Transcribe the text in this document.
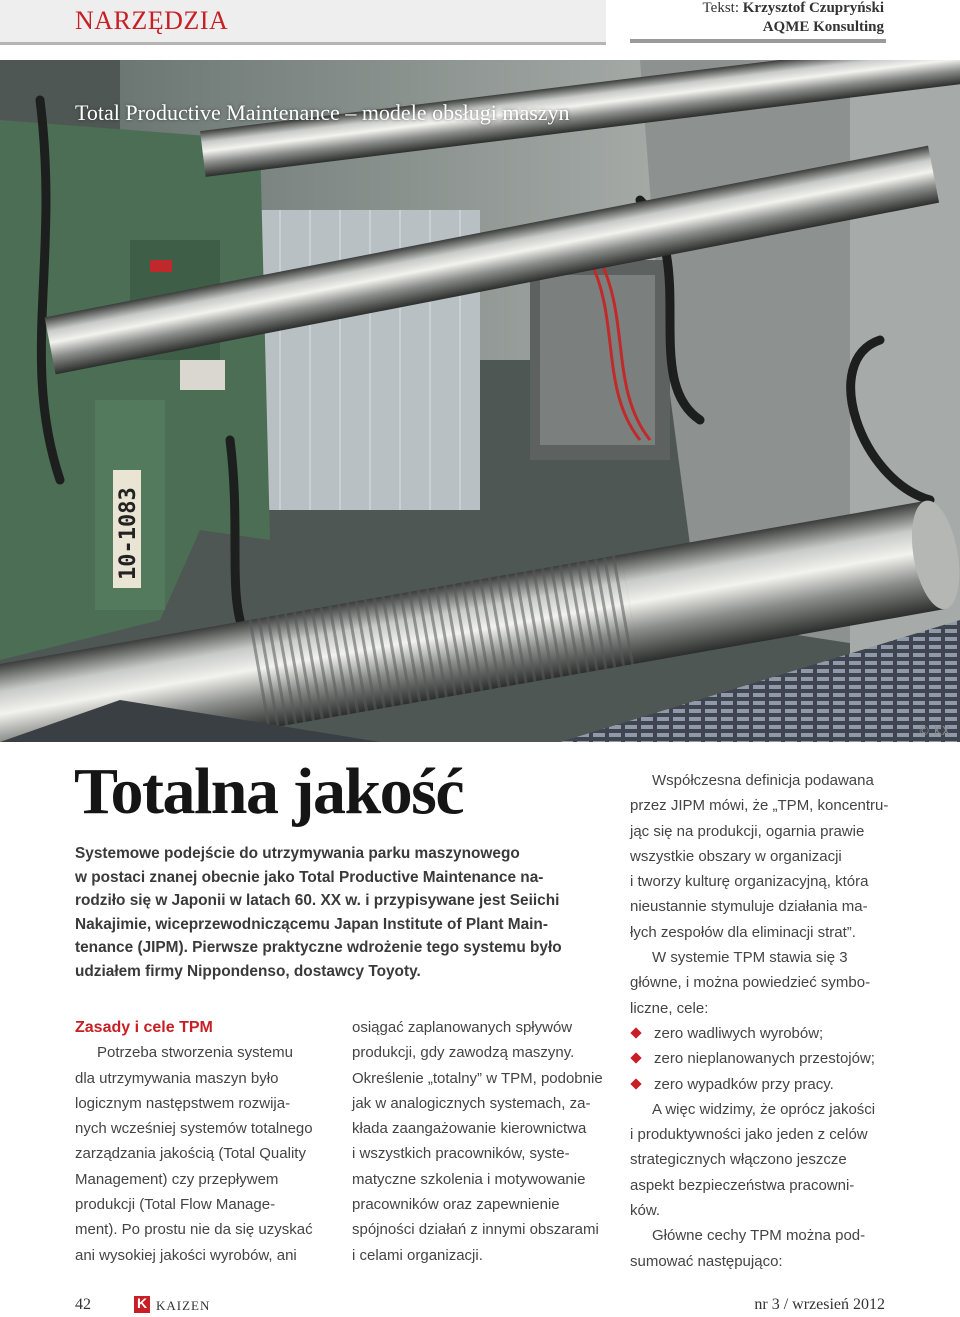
NARZĘDZIA	Tekst: Krzysztof Czupryński
AQME Konsulting
10-1083
Total Productive Maintenance – modele obsługi maszyn
© KX
Totalna jakość
Systemowe podejście do utrzymywania parku maszynowego
w postaci znanej obecnie jako Total Productive Maintenance na-
rodziło się w Japonii w latach 60. XX w. i przypisywane jest Seiichi
Nakajimie, wiceprzewodniczącemu Japan Institute of Plant Main-
tenance (JIPM). Pierwsze praktyczne wdrożenie tego systemu było
udziałem firmy Nippondenso, dostawcy Toyoty.
Zasady i cele TPM
Potrzeba stworzenia systemu
dla utrzymywania maszyn było
logicznym następstwem rozwija-
nych wcześniej systemów totalnego
zarządzania jakością (Total Quality
Management) czy przepływem
produkcji (Total Flow Manage-
ment). Po prostu nie da się uzyskać
ani wysokiej jakości wyrobów, ani
osiągać zaplanowanych spływów
produkcji, gdy zawodzą maszyny.
Określenie „totalny” w TPM, podobnie
jak w analogicznych systemach, za-
kłada zaangażowanie kierownictwa
i wszystkich pracowników, syste-
matyczne szkolenia i motywowanie
pracowników oraz zapewnienie
spójności działań z innymi obszarami
i celami organizacji.
Współczesna definicja podawana
przez JIPM mówi, że „TPM, koncentru-
jąc się na produkcji, ogarnia prawie
wszystkie obszary w organizacji
i tworzy kulturę organizacyjną, która
nieustannie stymuluje działania ma-
łych zespołów dla eliminacji strat”.
W systemie TPM stawia się 3
główne, i można powiedzieć symbo-
liczne, cele:
zero wadliwych wyrobów;
zero nieplanowanych przestojów;
zero wypadków przy pracy.
A więc widzimy, że oprócz jakości
i produktywności jako jeden z celów
strategicznych włączono jeszcze
aspekt bezpieczeństwa pracowni-
ków.
Główne cechy TPM można pod-
sumować następująco:
42	K KAIZEN	nr 3 / wrzesień 2012
